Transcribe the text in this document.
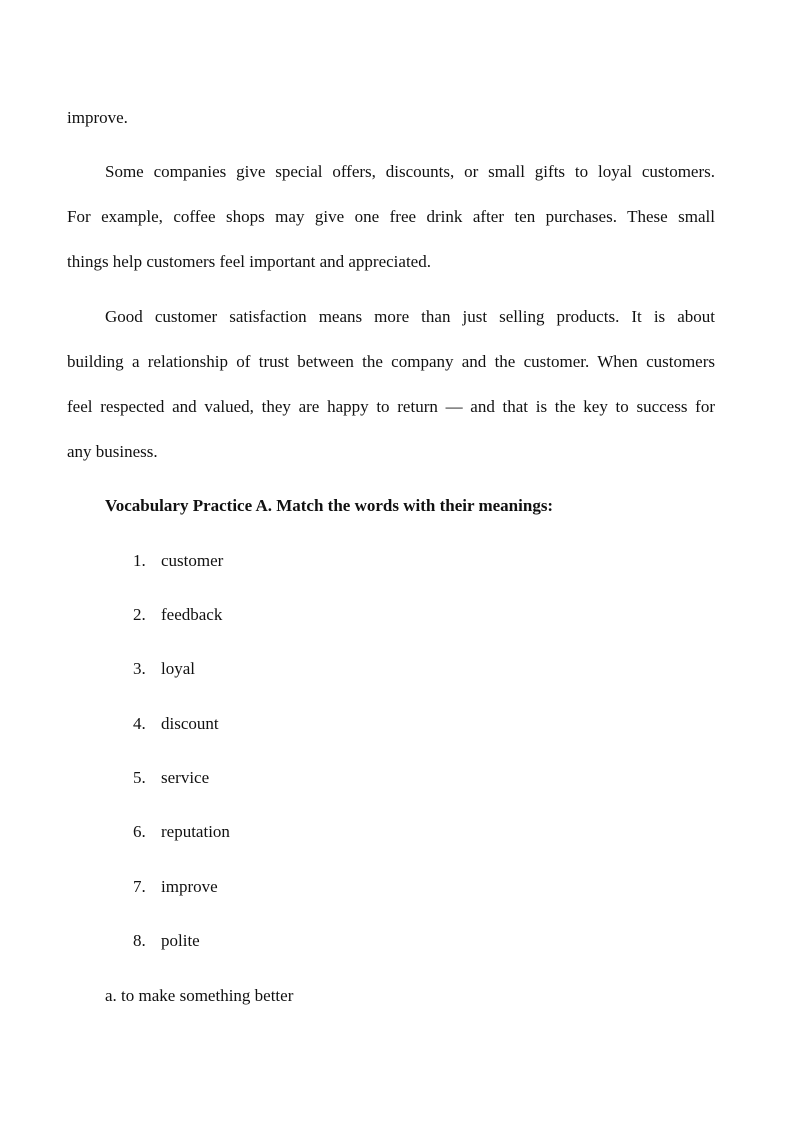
improve.

Some companies give special offers, discounts, or small gifts to loyal customers.

For example, coffee shops may give one free drink after ten purchases. These small

things help customers feel important and appreciated.

Good customer satisfaction means more than just selling products. It is about

building a relationship of trust between the company and the customer. When customers

feel respected and valued, they are happy to return — and that is the key to success for

any business.

Vocabulary Practice A. Match the words with their meanings:

1. customer
2. feedback
3. loyal
4. discount
5. service
6. reputation
7. improve
8. polite
a. to make something better
